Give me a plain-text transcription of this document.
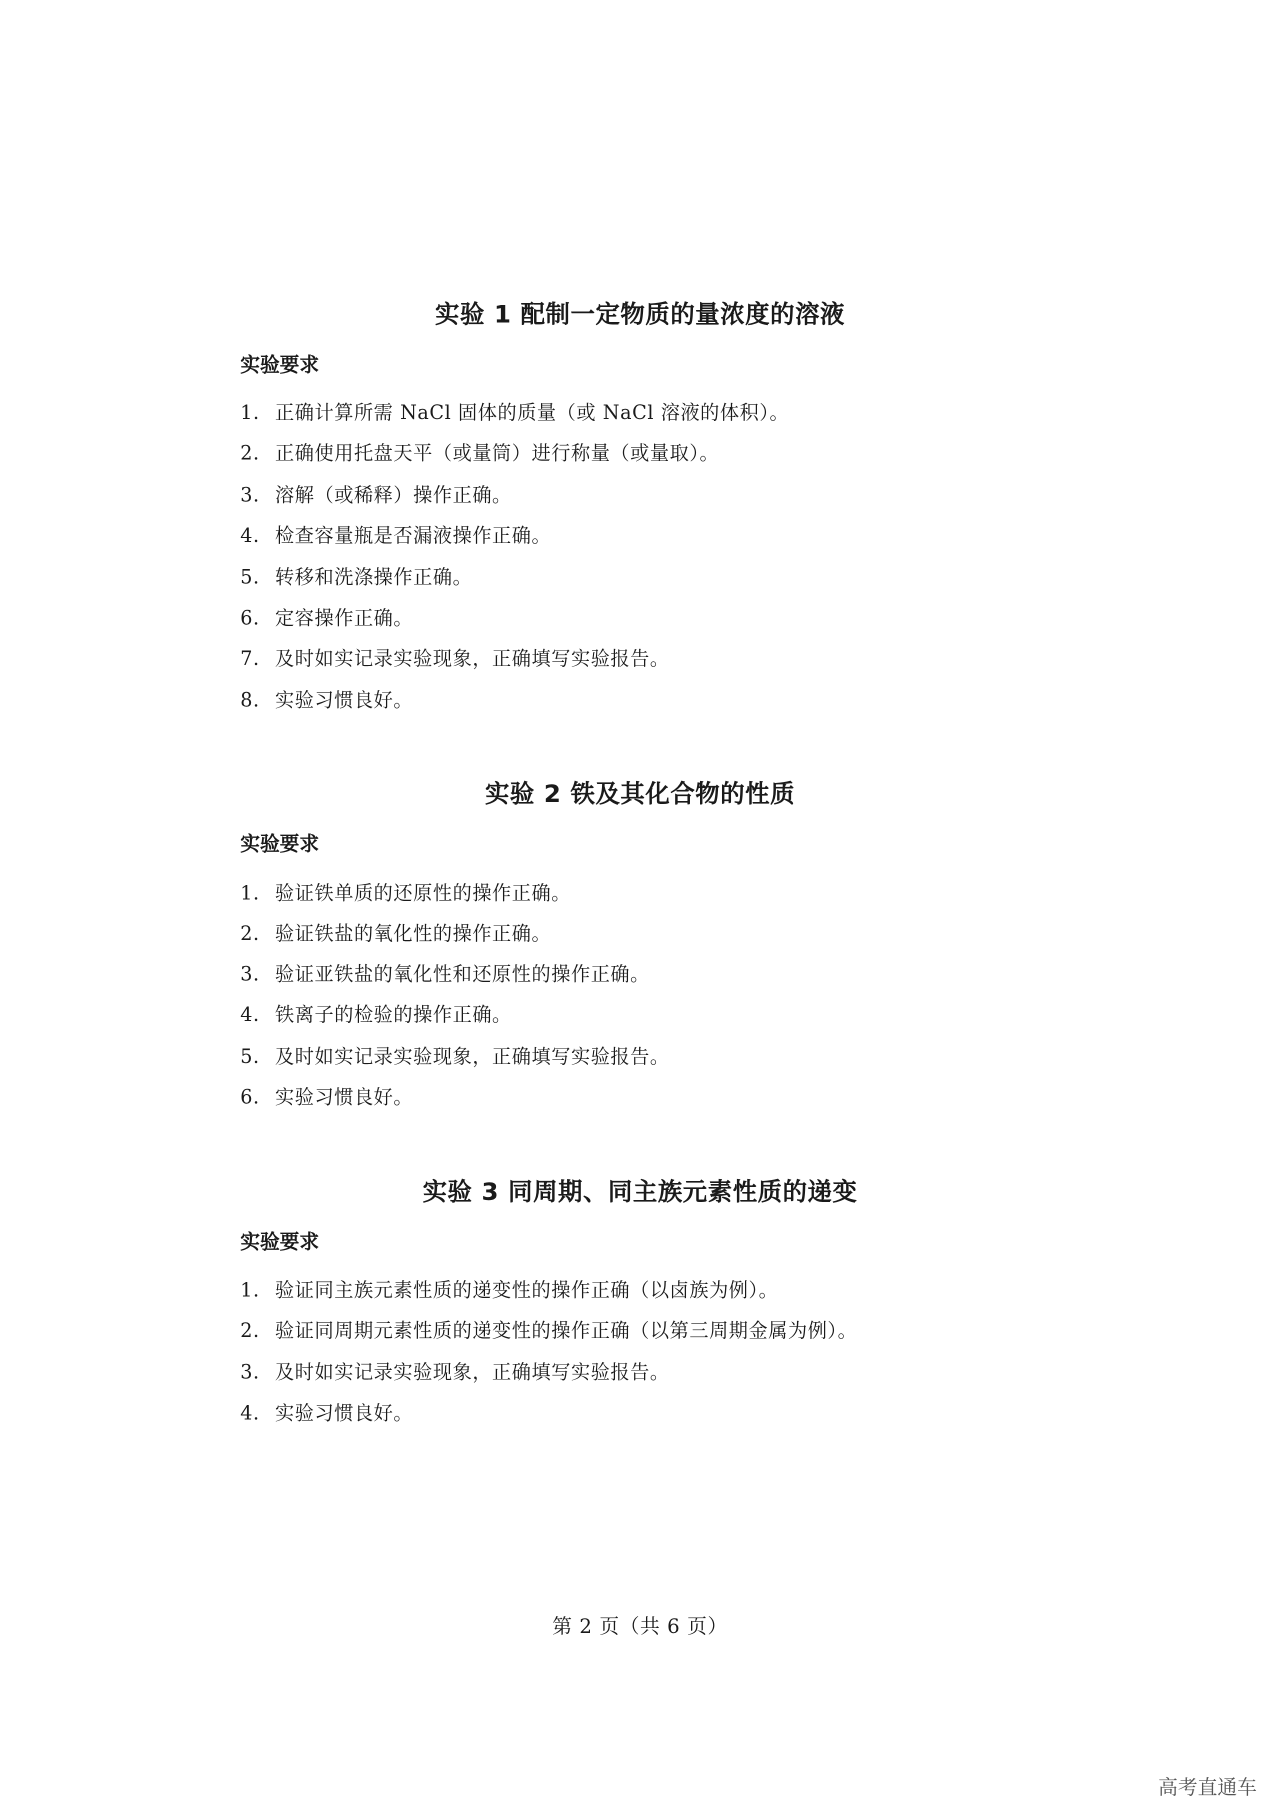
实验 1 配制一定物质的量浓度的溶液
实验要求
1. 正确计算所需 NaCl 固体的质量（或 NaCl 溶液的体积）。
2. 正确使用托盘天平（或量筒）进行称量（或量取）。
3. 溶解（或稀释）操作正确。
4. 检查容量瓶是否漏液操作正确。
5. 转移和洗涤操作正确。
6. 定容操作正确。
7. 及时如实记录实验现象，正确填写实验报告。
8. 实验习惯良好。
实验 2 铁及其化合物的性质
实验要求
1. 验证铁单质的还原性的操作正确。
2. 验证铁盐的氧化性的操作正确。
3. 验证亚铁盐的氧化性和还原性的操作正确。
4. 铁离子的检验的操作正确。
5. 及时如实记录实验现象，正确填写实验报告。
6. 实验习惯良好。
实验 3 同周期、同主族元素性质的递变
实验要求
1. 验证同主族元素性质的递变性的操作正确（以卤族为例）。
2. 验证同周期元素性质的递变性的操作正确（以第三周期金属为例）。
3. 及时如实记录实验现象，正确填写实验报告。
4. 实验习惯良好。
第 2 页（共 6 页）
高考直通车
